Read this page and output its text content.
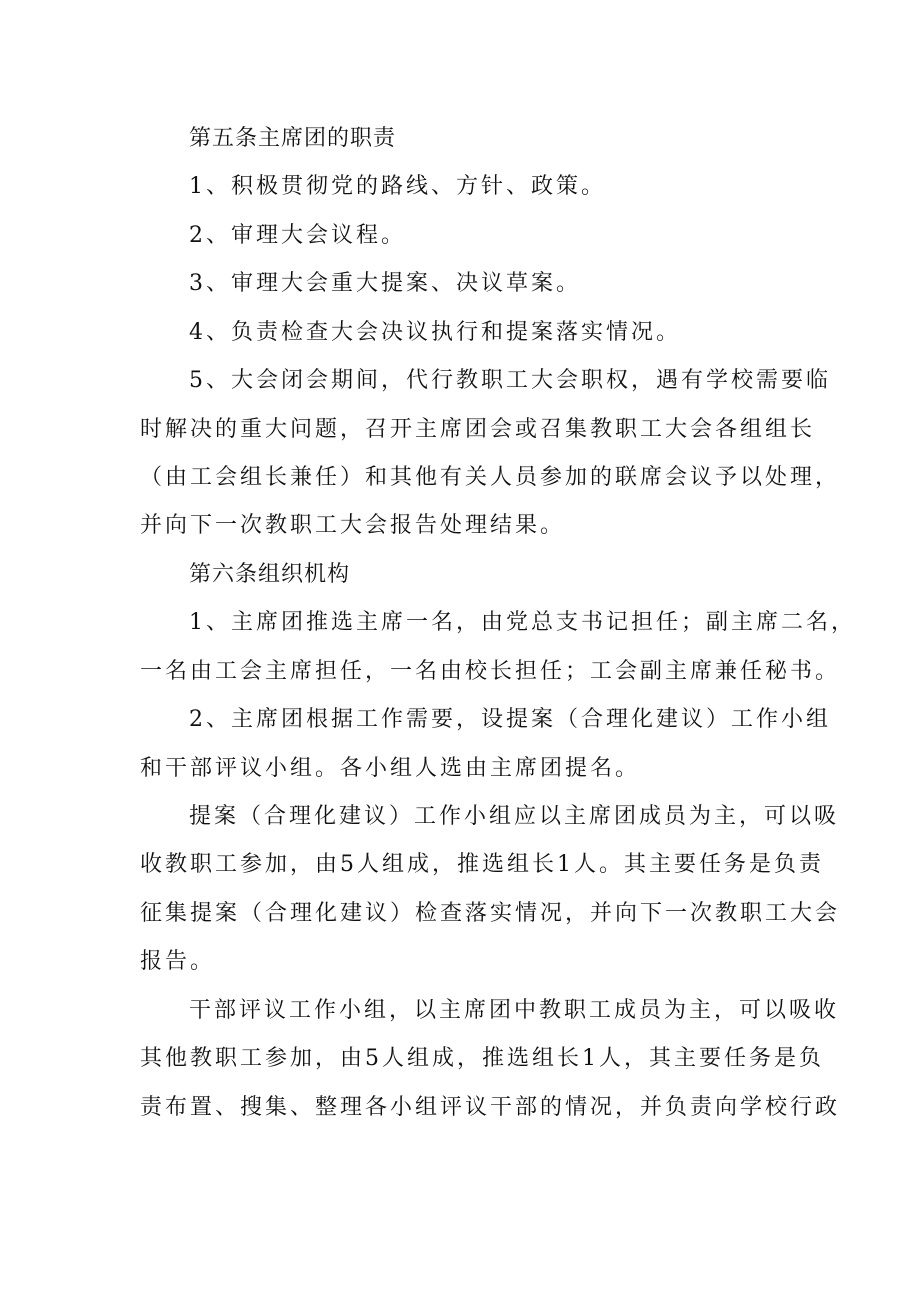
第五条主席团的职责
1、积极贯彻党的路线、方针、政策。
2、审理大会议程。
3、审理大会重大提案、决议草案。
4、负责检查大会决议执行和提案落实情况。
5、大会闭会期间，代行教职工大会职权，遇有学校需要临
时解决的重大问题，召开主席团会或召集教职工大会各组组长
（由工会组长兼任）和其他有关人员参加的联席会议予以处理，
并向下一次教职工大会报告处理结果。
第六条组织机构
1、主席团推选主席一名，由党总支书记担任；副主席二名，
一名由工会主席担任，一名由校长担任；工会副主席兼任秘书。
2、主席团根据工作需要，设提案（合理化建议）工作小组
和干部评议小组。各小组人选由主席团提名。
提案（合理化建议）工作小组应以主席团成员为主，可以吸
收教职工参加，由5人组成，推选组长1人。其主要任务是负责
征集提案（合理化建议）检查落实情况，并向下一次教职工大会
报告。
干部评议工作小组，以主席团中教职工成员为主，可以吸收
其他教职工参加，由5人组成，推选组长1人，其主要任务是负
责布置、搜集、整理各小组评议干部的情况，并负责向学校行政
